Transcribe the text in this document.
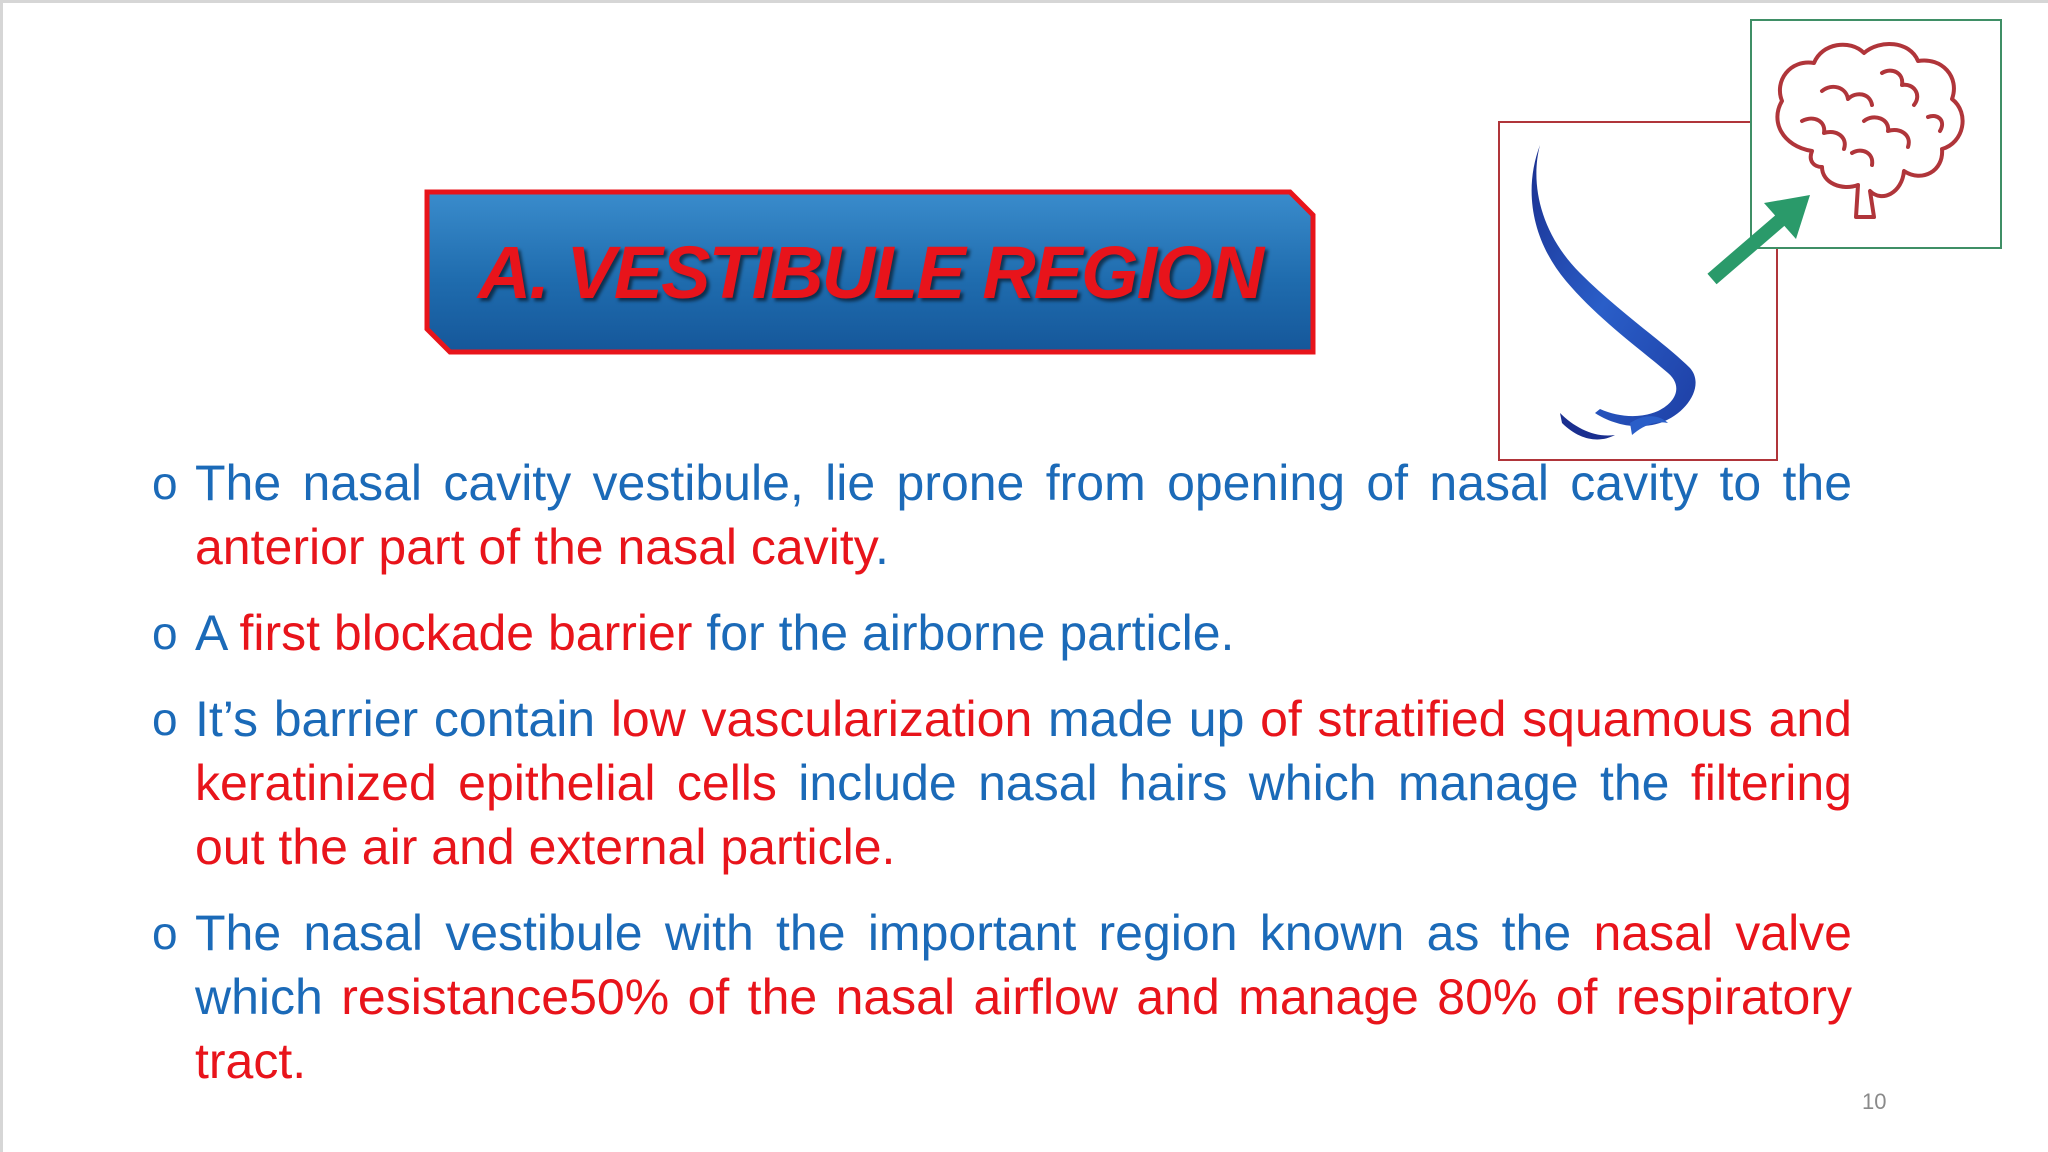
A. VESTIBULE REGION
o The nasal cavity vestibule, lie prone from opening of nasal cavity to the anterior part of the nasal cavity.
o A first blockade barrier for the airborne particle.
o It’s barrier contain low vascularization made up of stratified squamous and keratinized epithelial cells include nasal hairs which manage the filtering out the air and external particle.
o The nasal vestibule with the important region known as the nasal valve which resistance50% of the nasal airflow and manage 80% of respiratory tract.
10
